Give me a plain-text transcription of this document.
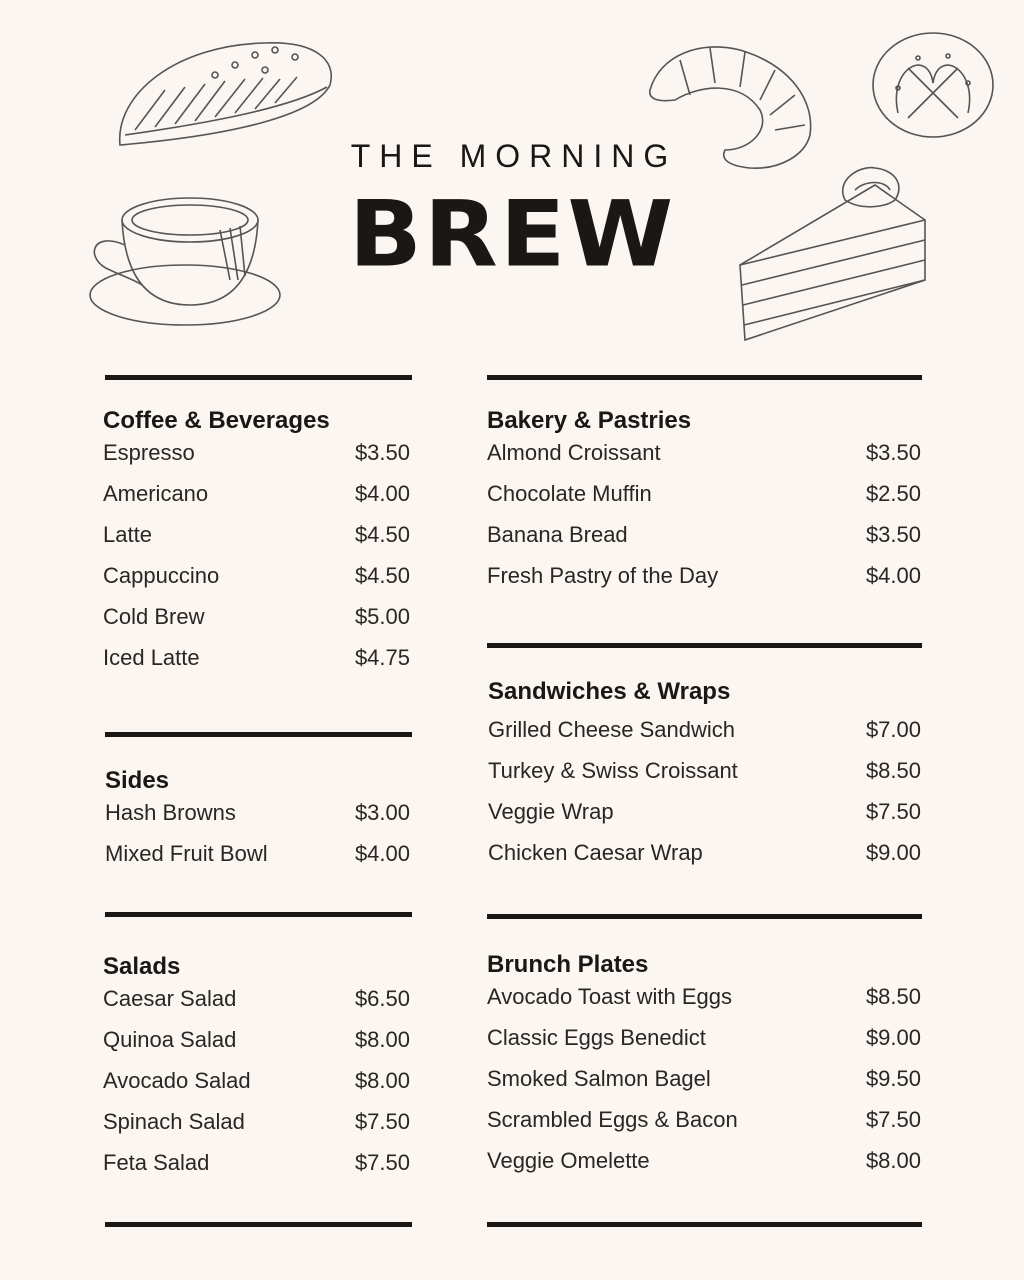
THE MORNING
BREW
Coffee & Beverages
Espresso	$3.50
Americano	$4.00
Latte	$4.50
Cappuccino	$4.50
Cold Brew	$5.00
Iced Latte	$4.75
Sides
Hash Browns	$3.00
Mixed Fruit Bowl	$4.00
Salads
Caesar Salad	$6.50
Quinoa Salad	$8.00
Avocado Salad	$8.00
Spinach Salad	$7.50
Feta Salad	$7.50
Bakery & Pastries
Almond Croissant	$3.50
Chocolate Muffin	$2.50
Banana Bread	$3.50
Fresh Pastry of the Day	$4.00
Sandwiches & Wraps
Grilled Cheese Sandwich	$7.00
Turkey & Swiss Croissant	$8.50
Veggie Wrap	$7.50
Chicken Caesar Wrap	$9.00
Brunch Plates
Avocado Toast with Eggs	$8.50
Classic Eggs Benedict	$9.00
Smoked Salmon Bagel	$9.50
Scrambled Eggs & Bacon	$7.50
Veggie Omelette	$8.00
